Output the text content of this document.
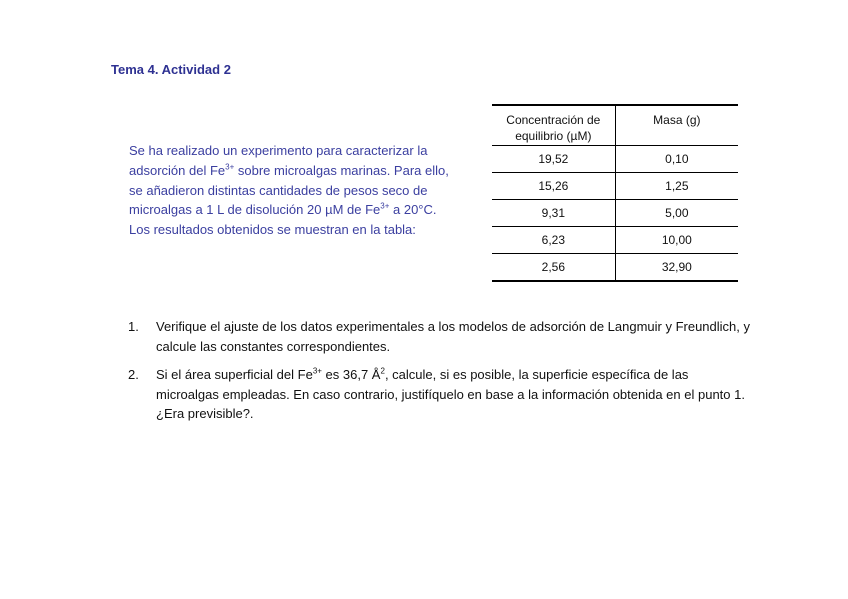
Tema 4. Actividad 2
Se ha realizado un experimento para caracterizar la adsorción del $Fe^{3+}$ sobre microalgas marinas. Para ello, se añadieron distintas cantidades de pesos seco de microalgas a 1 L de disolución 20 µM de $Fe^{3+}$ a 20°C. Los resultados obtenidos se muestran en la tabla:
Concentración de equilibrio (µM)	Masa (g)
19,52	0,10
15,26	1,25
9,31	5,00
6,23	10,00
2,56	32,90
1. Verifique el ajuste de los datos experimentales a los modelos de adsorción de Langmuir y Freundlich, y calcule las constantes correspondientes.
2. Si el área superficial del $Fe^{3+}$ es 36,7 $Å^2$, calcule, si es posible, la superficie específica de las microalgas empleadas. En caso contrario, justifíquelo en base a la información obtenida en el punto 1. ¿Era previsible?.
